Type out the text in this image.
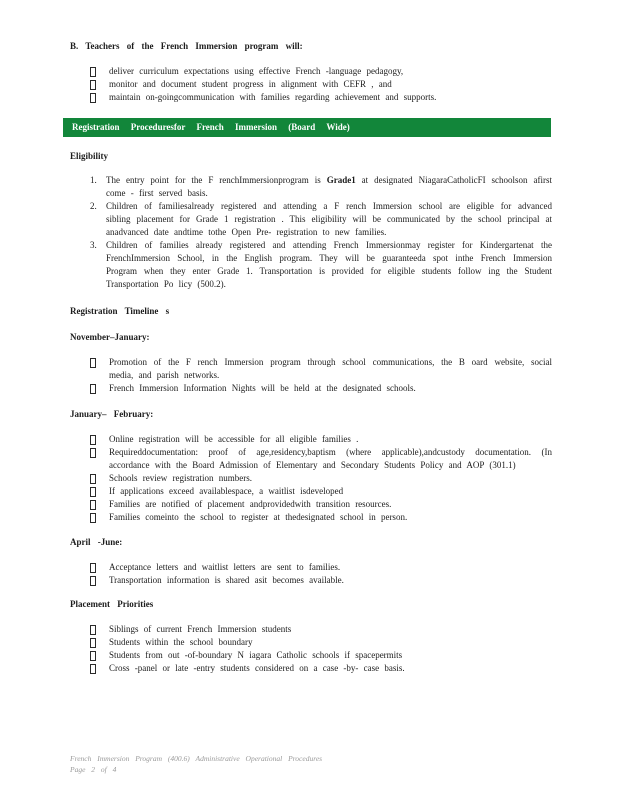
B. Teachers of the French Immersion program will:

deliver curriculum expectations using effective French -language pedagogy,
monitor and document student progress in alignment with CEFR , and
maintain on-goingcommunication with families regarding achievement and supports.
Registration Proceduresfor French Immersion (Board Wide)

Eligibility

1.	The entry point for the F renchImmersionprogram is Grade1 at designated NiagaraCatholicFI schoolson afirst come - first served basis.
2.	Children of familiesalready registered and attending a F rench Immersion school are eligible for advanced sibling placement for Grade 1 registration . This eligibility will be communicated by the school principal at anadvanced date andtime tothe Open Pre- registration to new families.
3.	Children of families already registered and attending French Immersionmay register for Kindergartenat the FrenchImmersion School, in the English program. They will be guaranteeda spot inthe French Immersion Program when they enter Grade 1. Transportation is provided for eligible students follow ing the Student Transportation Po licy (500.2).

Registration Timeline s

November–January:

Promotion of the F rench Immersion program through school communications, the B oard website, social media, and parish networks.
French Immersion Information Nights will be held at the designated schools.

January– February:

Online registration will be accessible for all eligible families .
Requireddocumentation: proof of age,residency,baptism (where applicable),andcustody documentation. (In accordance with the Board Admission of Elementary and Secondary Students Policy and AOP (301.1)
Schools review registration numbers.
If applications exceed availablespace, a waitlist isdeveloped
Families are notified of placement andprovidedwith transition resources.
Families comeinto the school to register at thedesignated school in person.

April -June:

Acceptance letters and waitlist letters are sent to families.
Transportation information is shared asit becomes available.

Placement Priorities

Siblings of current French Immersion students
Students within the school boundary
Students from out -of-boundary N iagara Catholic schools if spacepermits
Cross -panel or late -entry students considered on a case -by- case basis.
French Immersion Program (400.6) Administrative Operational Procedures
Page 2 of 4
